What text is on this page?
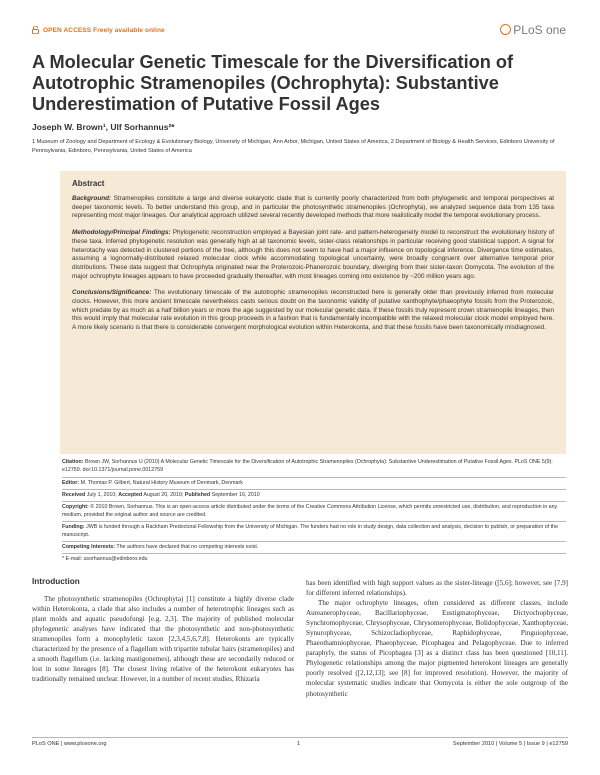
OPEN ACCESS Freely available online	PLoS one
A Molecular Genetic Timescale for the Diversification of Autotrophic Stramenopiles (Ochrophyta): Substantive Underestimation of Putative Fossil Ages
Joseph W. Brown¹, Ulf Sorhannus²*
1 Museum of Zoology and Department of Ecology & Evolutionary Biology, University of Michigan, Ann Arbor, Michigan, United States of America, 2 Department of Biology & Health Services, Edinboro University of Pennsylvania, Edinboro, Pennsylvania, United States of America
Abstract

Background: Stramenopiles constitute a large and diverse eukaryotic clade that is currently poorly characterized from both phylogenetic and temporal perspectives at deeper taxonomic levels. To better understand this group, and in particular the photosynthetic stramenopiles (Ochrophyta), we analyzed sequence data from 135 taxa representing most major lineages. Our analytical approach utilized several recently developed methods that more realistically model the temporal evolutionary process.

Methodology/Principal Findings: Phylogenetic reconstruction employed a Bayesian joint rate- and pattern-heterogeneity model to reconstruct the evolutionary history of these taxa. Inferred phylogenetic resolution was generally high at all taxonomic levels, sister-class relationships in particular receiving good statistical support. A signal for heterotachy was detected in clustered portions of the tree, although this does not seem to have had a major influence on topological inference. Divergence time estimates, assuming a lognormally-distributed relaxed molecular clock while accommodating topological uncertainty, were broadly congruent over alternative temporal prior distributions. These data suggest that Ochrophyta originated near the Proterozoic-Phanerozoic boundary, diverging from their sister-taxon Oomycota. The evolution of the major ochrophyte lineages appears to have proceeded gradually thereafter, with most lineages coming into existence by ~200 million years ago.

Conclusions/Significance: The evolutionary timescale of the autotrophic stramenopiles reconstructed here is generally older than previously inferred from molecular clocks. However, this more ancient timescale nevertheless casts serious doubt on the taxonomic validity of putative xanthophyte/phaeophyte fossils from the Proterozoic, which predate by as much as a half billion years or more the age suggested by our molecular genetic data. If these fossils truly represent crown stramenopile lineages, then this would imply that molecular rate evolution in this group proceeds in a fashion that is fundamentally incompatible with the relaxed molecular clock model employed here. A more likely scenario is that there is considerable convergent morphological evolution within Heterokonta, and that these fossils have been taxonomically misdiagnosed.

Citation: Brown JW, Sorhannus U (2010) A Molecular Genetic Timescale for the Diversification of Autotrophic Stramenopiles (Ochrophyta): Substantive Underestimation of Putative Fossil Ages. PLoS ONE 5(9): e12759. doi:10.1371/journal.pone.0012759
Editor: M. Thomas P. Gilbert, Natural History Museum of Denmark, Denmark
Received July 1, 2010; Accepted August 20, 2010; Published September 16, 2010
Copyright: © 2010 Brown, Sorhannus. This is an open-access article distributed under the terms of the Creative Commons Attribution License, which permits unrestricted use, distribution, and reproduction in any medium, provided the original author and source are credited.
Funding: JWB is funded through a Rackham Predoctoral Fellowship from the University of Michigan. The funders had no role in study design, data collection and analysis, decision to publish, or preparation of the manuscript.
Competing Interests: The authors have declared that no competing interests exist.
* E-mail: usorhannus@edinboro.edu
Introduction

The photosynthetic stramenopiles (Ochrophyta) [1] constitute a highly diverse clade within Heterokonta, a clade that also includes a number of heterotrophic lineages such as plant molds and aquatic pseudofungi [e.g. 2,3]. The majority of published molecular phylogenetic analyses have indicated that the photosynthetic and non-photosynthetic stramenopiles form a monophyletic taxon [2,3,4,5,6,7,8]. Heterokonts are typically characterized by the presence of a flagellum with tripartite tubular hairs (stramenopiles) and a smooth flagellum (i.e. lacking mastigonemes), although these are secondarily reduced or lost in some lineages [8]. The closest living relative of the heterokont eukaryotes has traditionally remained unclear. However, in a number of recent studies, Rhizaria

has been identified with high support values as the sister-lineage ([5,6]; however, see [7,9] for different inferred relationships).

The major ochrophyte lineages, often considered as different classes, include Aureanerophyceae, Bacillariophyceae, Eustigmatophyceae, Dictyochophyceae, Synchromophyceae, Chrysophyceae, Chrysomerophyceae, Bolidophyceae, Xanthophyceae, Synurophyceae, Schizocladiophyceae, Raphidophyceae, Pinguiophyceae, Phaeothamniophyceae, Phaeophyceae, Picophagea and Pelagophyceae. Due to inferred paraphyly, the status of Picophagea [3] as a distinct class has been questioned [10,11]. Phylogenetic relationships among the major pigmented heterokont lineages are generally poorly resolved ([2,12,13]; see [8] for improved resolution). However, the majority of molecular systematic studies indicate that Oomycota is either the sole outgroup of the photosynthetic

PLoS ONE | www.plosone.org	1	September 2010 | Volume 5 | Issue 9 | e12759
